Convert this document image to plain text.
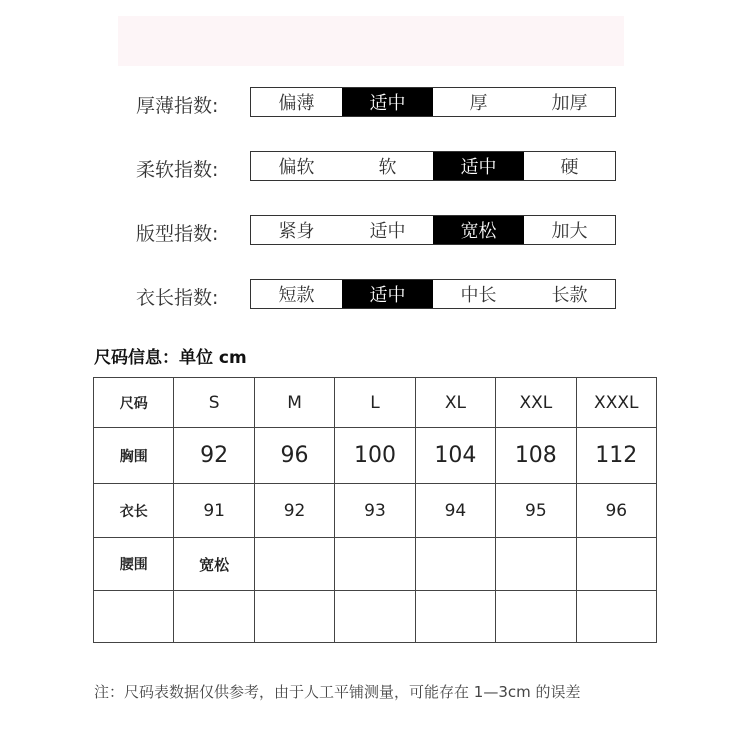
厚薄指数:	偏薄	适中	厚	加厚
柔软指数:	偏软	软	适中	硬
版型指数:	紧身	适中	宽松	加大
衣长指数:	短款	适中	中长	长款
尺码信息：单位 cm
尺码	S	M	L	XL	XXL	XXXL
胸围	92	96	100	104	108	112
衣长	91	92	93	94	95	96
腰围	宽松					

注：尺码表数据仅供参考，由于人工平铺测量，可能存在 1—3cm 的误差
